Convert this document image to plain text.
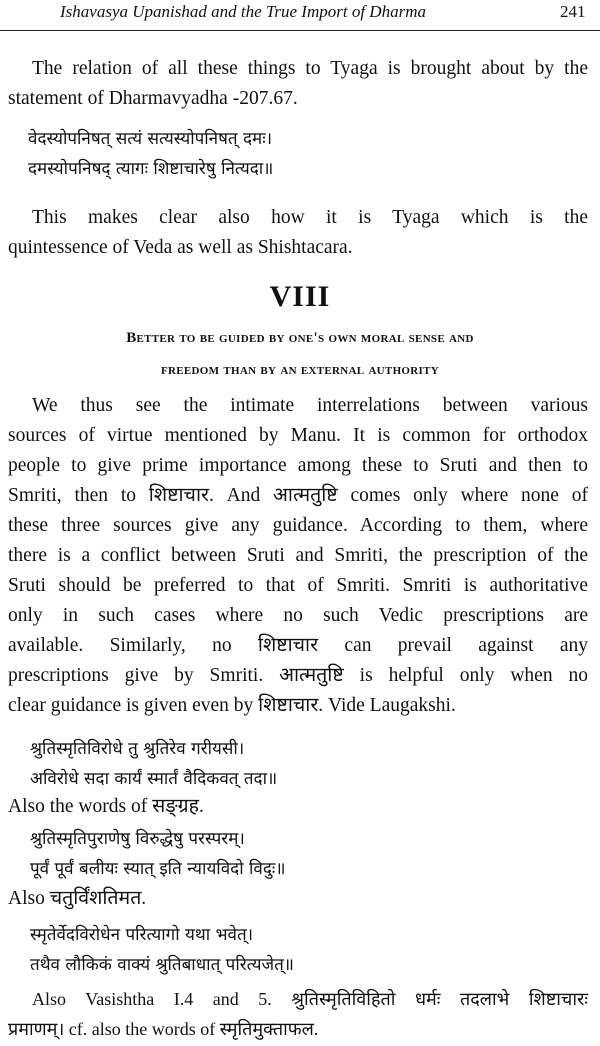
Ishavasya Upanishad and the True Import of Dharma	241

The relation of all these things to Tyaga is brought about by the

statement of Dharmavyadha -207.67.

वेदस्योपनिषत् सत्यं सत्यस्योपनिषत् दमः।

दमस्योपनिषद् त्यागः शिष्टाचारेषु नित्यदा॥

This makes clear also how it is Tyaga which is the

quintessence of Veda as well as Shishtacara.

VIII
Better to be guided by one's own moral sense and
freedom than by an external authority

We thus see the intimate interrelations between various

sources of virtue mentioned by Manu. It is common for orthodox

people to give prime importance among these to Sruti and then to

Smriti, then to शिष्टाचार. And आत्मतुष्टि comes only where none of

these three sources give any guidance. According to them, where

there is a conflict between Sruti and Smriti, the prescription of the

Sruti should be preferred to that of Smriti. Smriti is authoritative

only in such cases where no such Vedic prescriptions are

available. Similarly, no शिष्टाचार can prevail against any

prescriptions give by Smriti. आत्मतुष्टि is helpful only when no

clear guidance is given even by शिष्टाचार. Vide Laugakshi.

श्रुतिस्मृतिविरोधे तु श्रुतिरेव गरीयसी।

अविरोधे सदा कार्यं स्मार्तं वैदिकवत् तदा॥

Also the words of सङ्ग्रह.

श्रुतिस्मृतिपुराणेषु विरुद्धेषु परस्परम्।

पूर्वं पूर्वं बलीयः स्यात् इति न्यायविदो विदुः॥

Also चतुर्विंशतिमत.

स्मृतेर्वेदविरोधेन परित्यागो यथा भवेत्।

तथैव लौकिकं वाक्यं श्रुतिबाधात् परित्यजेत्॥

Also Vasishtha I.4 and 5. श्रुतिस्मृतिविहितो धर्मः तदलाभे शिष्टाचारः

प्रमाणम्। cf. also the words of स्मृतिमुक्ताफल.
